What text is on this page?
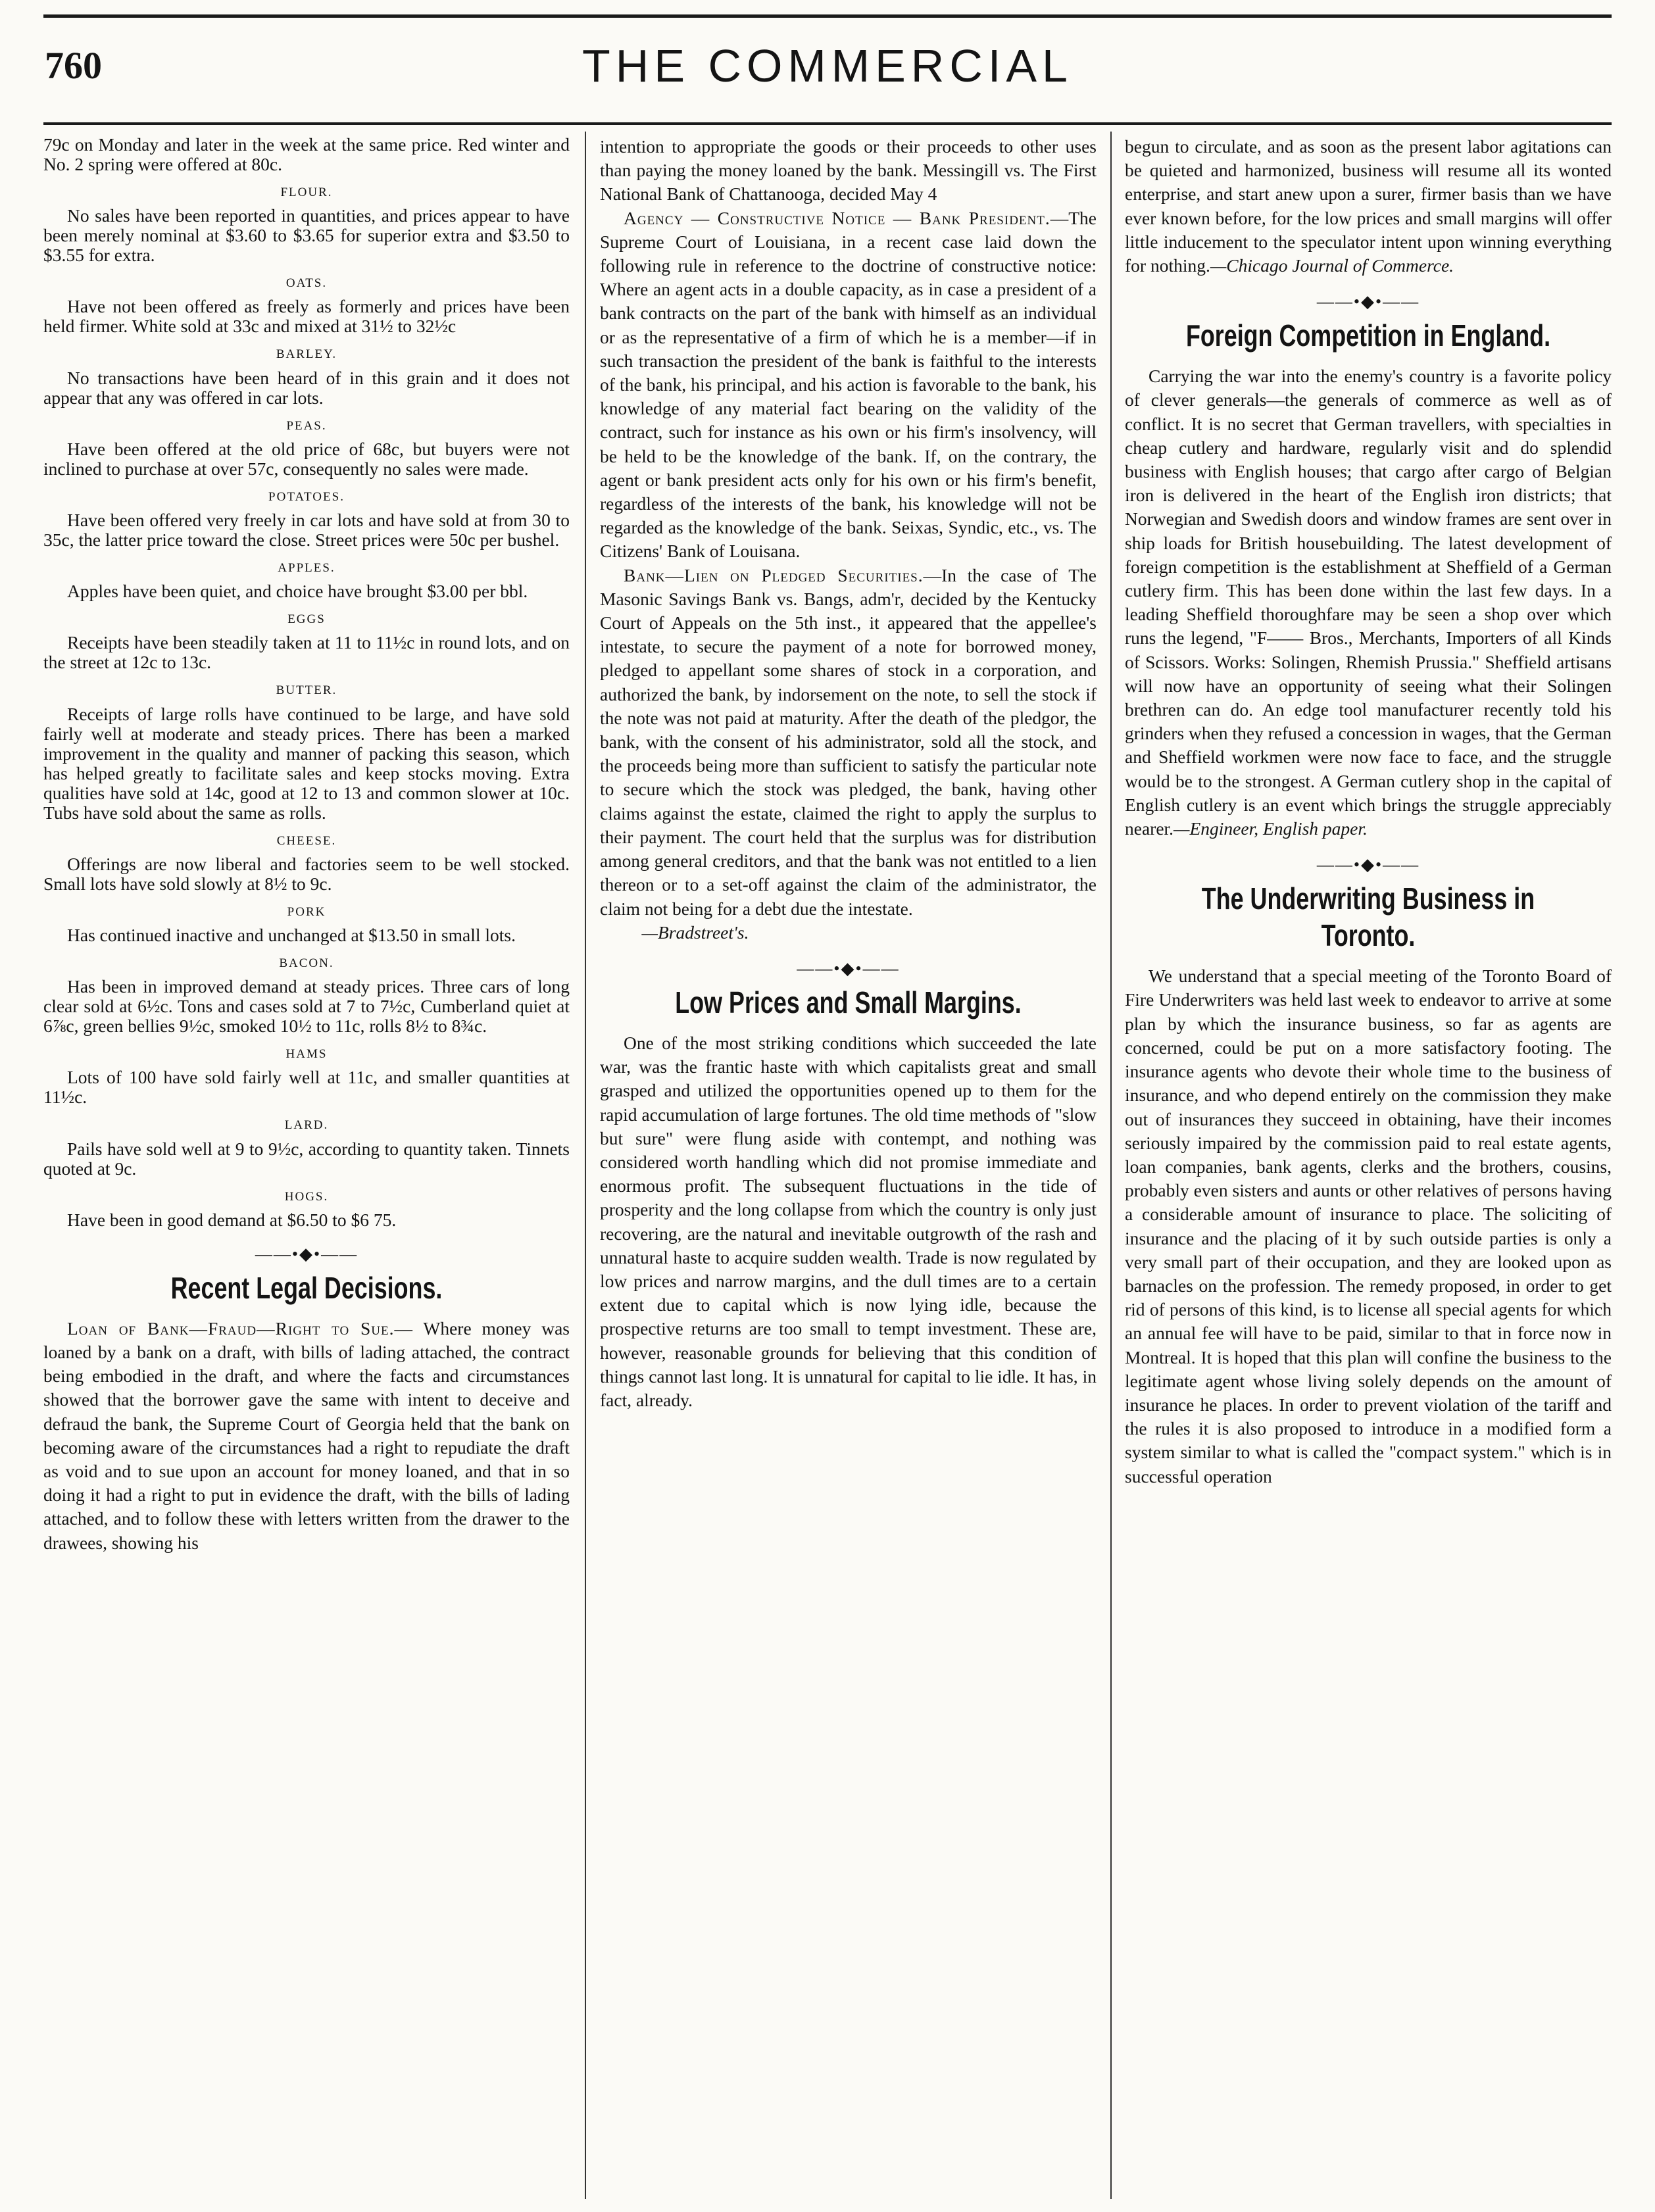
760	THE COMMERCIAL

79c on Monday and later in the week at the same price. Red winter and No. 2 spring were offered at 80c.

FLOUR.

No sales have been reported in quantities, and prices appear to have been merely nominal at $3.60 to $3.65 for superior extra and $3.50 to $3.55 for extra.

OATS.

Have not been offered as freely as formerly and prices have been held firmer. White sold at 33c and mixed at 31½ to 32½c

BARLEY.

No transactions have been heard of in this grain and it does not appear that any was offered in car lots.

PEAS.

Have been offered at the old price of 68c, but buyers were not inclined to purchase at over 57c, consequently no sales were made.

POTATOES.

Have been offered very freely in car lots and have sold at from 30 to 35c, the latter price toward the close. Street prices were 50c per bushel.

APPLES.

Apples have been quiet, and choice have brought $3.00 per bbl.

EGGS

Receipts have been steadily taken at 11 to 11½c in round lots, and on the street at 12c to 13c.

BUTTER.

Receipts of large rolls have continued to be large, and have sold fairly well at moderate and steady prices. There has been a marked improvement in the quality and manner of packing this season, which has helped greatly to facilitate sales and keep stocks moving. Extra qualities have sold at 14c, good at 12 to 13 and common slower at 10c. Tubs have sold about the same as rolls.

CHEESE.

Offerings are now liberal and factories seem to be well stocked. Small lots have sold slowly at 8½ to 9c.

PORK

Has continued inactive and unchanged at $13.50 in small lots.

BACON.

Has been in improved demand at steady prices. Three cars of long clear sold at 6½c. Tons and cases sold at 7 to 7½c, Cumberland quiet at 6⅞c, green bellies 9½c, smoked 10½ to 11c, rolls 8½ to 8¾c.

HAMS

Lots of 100 have sold fairly well at 11c, and smaller quantities at 11½c.

LARD.

Pails have sold well at 9 to 9½c, according to quantity taken. Tinnets quoted at 9c.

HOGS.

Have been in good demand at $6.50 to $6 75.

——•◆•——
Recent Legal Decisions.

Loan of Bank—Fraud—Right to Sue.— Where money was loaned by a bank on a draft, with bills of lading attached, the contract being embodied in the draft, and where the facts and circumstances showed that the borrower gave the same with intent to deceive and defraud the bank, the Supreme Court of Georgia held that the bank on becoming aware of the circumstances had a right to repudiate the draft as void and to sue upon an account for money loaned, and that in so doing it had a right to put in evidence the draft, with the bills of lading attached, and to follow these with letters written from the drawer to the drawees, showing his

intention to appropriate the goods or their proceeds to other uses than paying the money loaned by the bank. Messingill vs. The First National Bank of Chattanooga, decided May 4

Agency — Constructive Notice — Bank President.—The Supreme Court of Louisiana, in a recent case laid down the following rule in reference to the doctrine of constructive notice: Where an agent acts in a double capacity, as in case a president of a bank contracts on the part of the bank with himself as an individual or as the representative of a firm of which he is a member—if in such transaction the president of the bank is faithful to the interests of the bank, his principal, and his action is favorable to the bank, his knowledge of any material fact bearing on the validity of the contract, such for instance as his own or his firm's insolvency, will be held to be the knowledge of the bank. If, on the contrary, the agent or bank president acts only for his own or his firm's benefit, regardless of the interests of the bank, his knowledge will not be regarded as the knowledge of the bank. Seixas, Syndic, etc., vs. The Citizens' Bank of Louisana.

Bank—Lien on Pledged Securities.—In the case of The Masonic Savings Bank vs. Bangs, adm'r, decided by the Kentucky Court of Appeals on the 5th inst., it appeared that the appellee's intestate, to secure the payment of a note for borrowed money, pledged to appellant some shares of stock in a corporation, and authorized the bank, by indorsement on the note, to sell the stock if the note was not paid at maturity. After the death of the pledgor, the bank, with the consent of his administrator, sold all the stock, and the proceeds being more than sufficient to satisfy the particular note to secure which the stock was pledged, the bank, having other claims against the estate, claimed the right to apply the surplus to their payment. The court held that the surplus was for distribution among general creditors, and that the bank was not entitled to a lien thereon or to a set-off against the claim of the administrator, the claim not being for a debt due the intestate.

 —Bradstreet's.

——•◆•——
Low Prices and Small Margins.

One of the most striking conditions which succeeded the late war, was the frantic haste with which capitalists great and small grasped and utilized the opportunities opened up to them for the rapid accumulation of large fortunes. The old time methods of "slow but sure" were flung aside with contempt, and nothing was considered worth handling which did not promise immediate and enormous profit. The subsequent fluctuations in the tide of prosperity and the long collapse from which the country is only just recovering, are the natural and inevitable outgrowth of the rash and unnatural haste to acquire sudden wealth. Trade is now regulated by low prices and narrow margins, and the dull times are to a certain extent due to capital which is now lying idle, because the prospective returns are too small to tempt investment. These are, however, reasonable grounds for believing that this condition of things cannot last long. It is unnatural for capital to lie idle. It has, in fact, already.

begun to circulate, and as soon as the present labor agitations can be quieted and harmonized, business will resume all its wonted enterprise, and start anew upon a surer, firmer basis than we have ever known before, for the low prices and small margins will offer little inducement to the speculator intent upon winning everything for nothing.—Chicago Journal of Commerce.

——•◆•——
Foreign Competition in England.

Carrying the war into the enemy's country is a favorite policy of clever generals—the generals of commerce as well as of conflict. It is no secret that German travellers, with specialties in cheap cutlery and hardware, regularly visit and do splendid business with English houses; that cargo after cargo of Belgian iron is delivered in the heart of the English iron districts; that Norwegian and Swedish doors and window frames are sent over in ship loads for British housebuilding. The latest development of foreign competition is the establishment at Sheffield of a German cutlery firm. This has been done within the last few days. In a leading Sheffield thoroughfare may be seen a shop over which runs the legend, "F—— Bros., Merchants, Importers of all Kinds of Scissors. Works: Solingen, Rhemish Prussia." Sheffield artisans will now have an opportunity of seeing what their Solingen brethren can do. An edge tool manufacturer recently told his grinders when they refused a concession in wages, that the German and Sheffield workmen were now face to face, and the struggle would be to the strongest. A German cutlery shop in the capital of English cutlery is an event which brings the struggle appreciably nearer.—Engineer, English paper.

——•◆•——
The Underwriting Business in Toronto.

We understand that a special meeting of the Toronto Board of Fire Underwriters was held last week to endeavor to arrive at some plan by which the insurance business, so far as agents are concerned, could be put on a more satisfactory footing. The insurance agents who devote their whole time to the business of insurance, and who depend entirely on the commission they make out of insurances they succeed in obtaining, have their incomes seriously impaired by the commission paid to real estate agents, loan companies, bank agents, clerks and the brothers, cousins, probably even sisters and aunts or other relatives of persons having a considerable amount of insurance to place. The soliciting of insurance and the placing of it by such outside parties is only a very small part of their occupation, and they are looked upon as barnacles on the profession. The remedy proposed, in order to get rid of persons of this kind, is to license all special agents for which an annual fee will have to be paid, similar to that in force now in Montreal. It is hoped that this plan will confine the business to the legitimate agent whose living solely depends on the amount of insurance he places. In order to prevent violation of the tariff and the rules it is also proposed to introduce in a modified form a system similar to what is called the "compact system." which is in successful operation
